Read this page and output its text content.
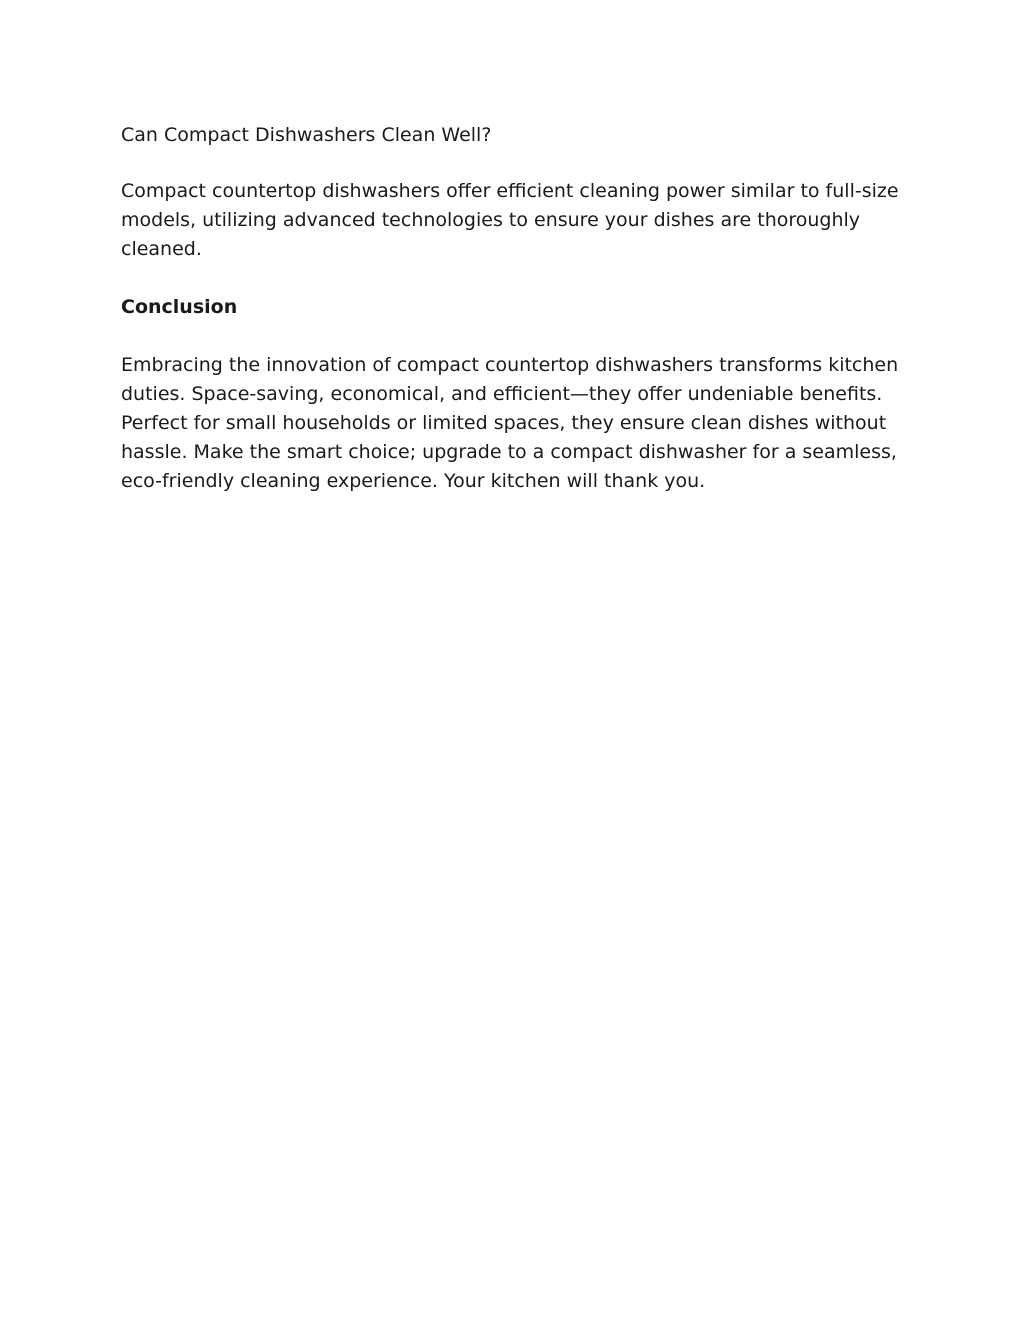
Can Compact Dishwashers Clean Well?

Compact countertop dishwashers offer efficient cleaning power similar to full-size models, utilizing advanced technologies to ensure your dishes are thoroughly cleaned.

Conclusion

Embracing the innovation of compact countertop dishwashers transforms kitchen duties. Space-saving, economical, and efficient—they offer undeniable benefits. Perfect for small households or limited spaces, they ensure clean dishes without hassle. Make the smart choice; upgrade to a compact dishwasher for a seamless, eco-friendly cleaning experience. Your kitchen will thank you.
